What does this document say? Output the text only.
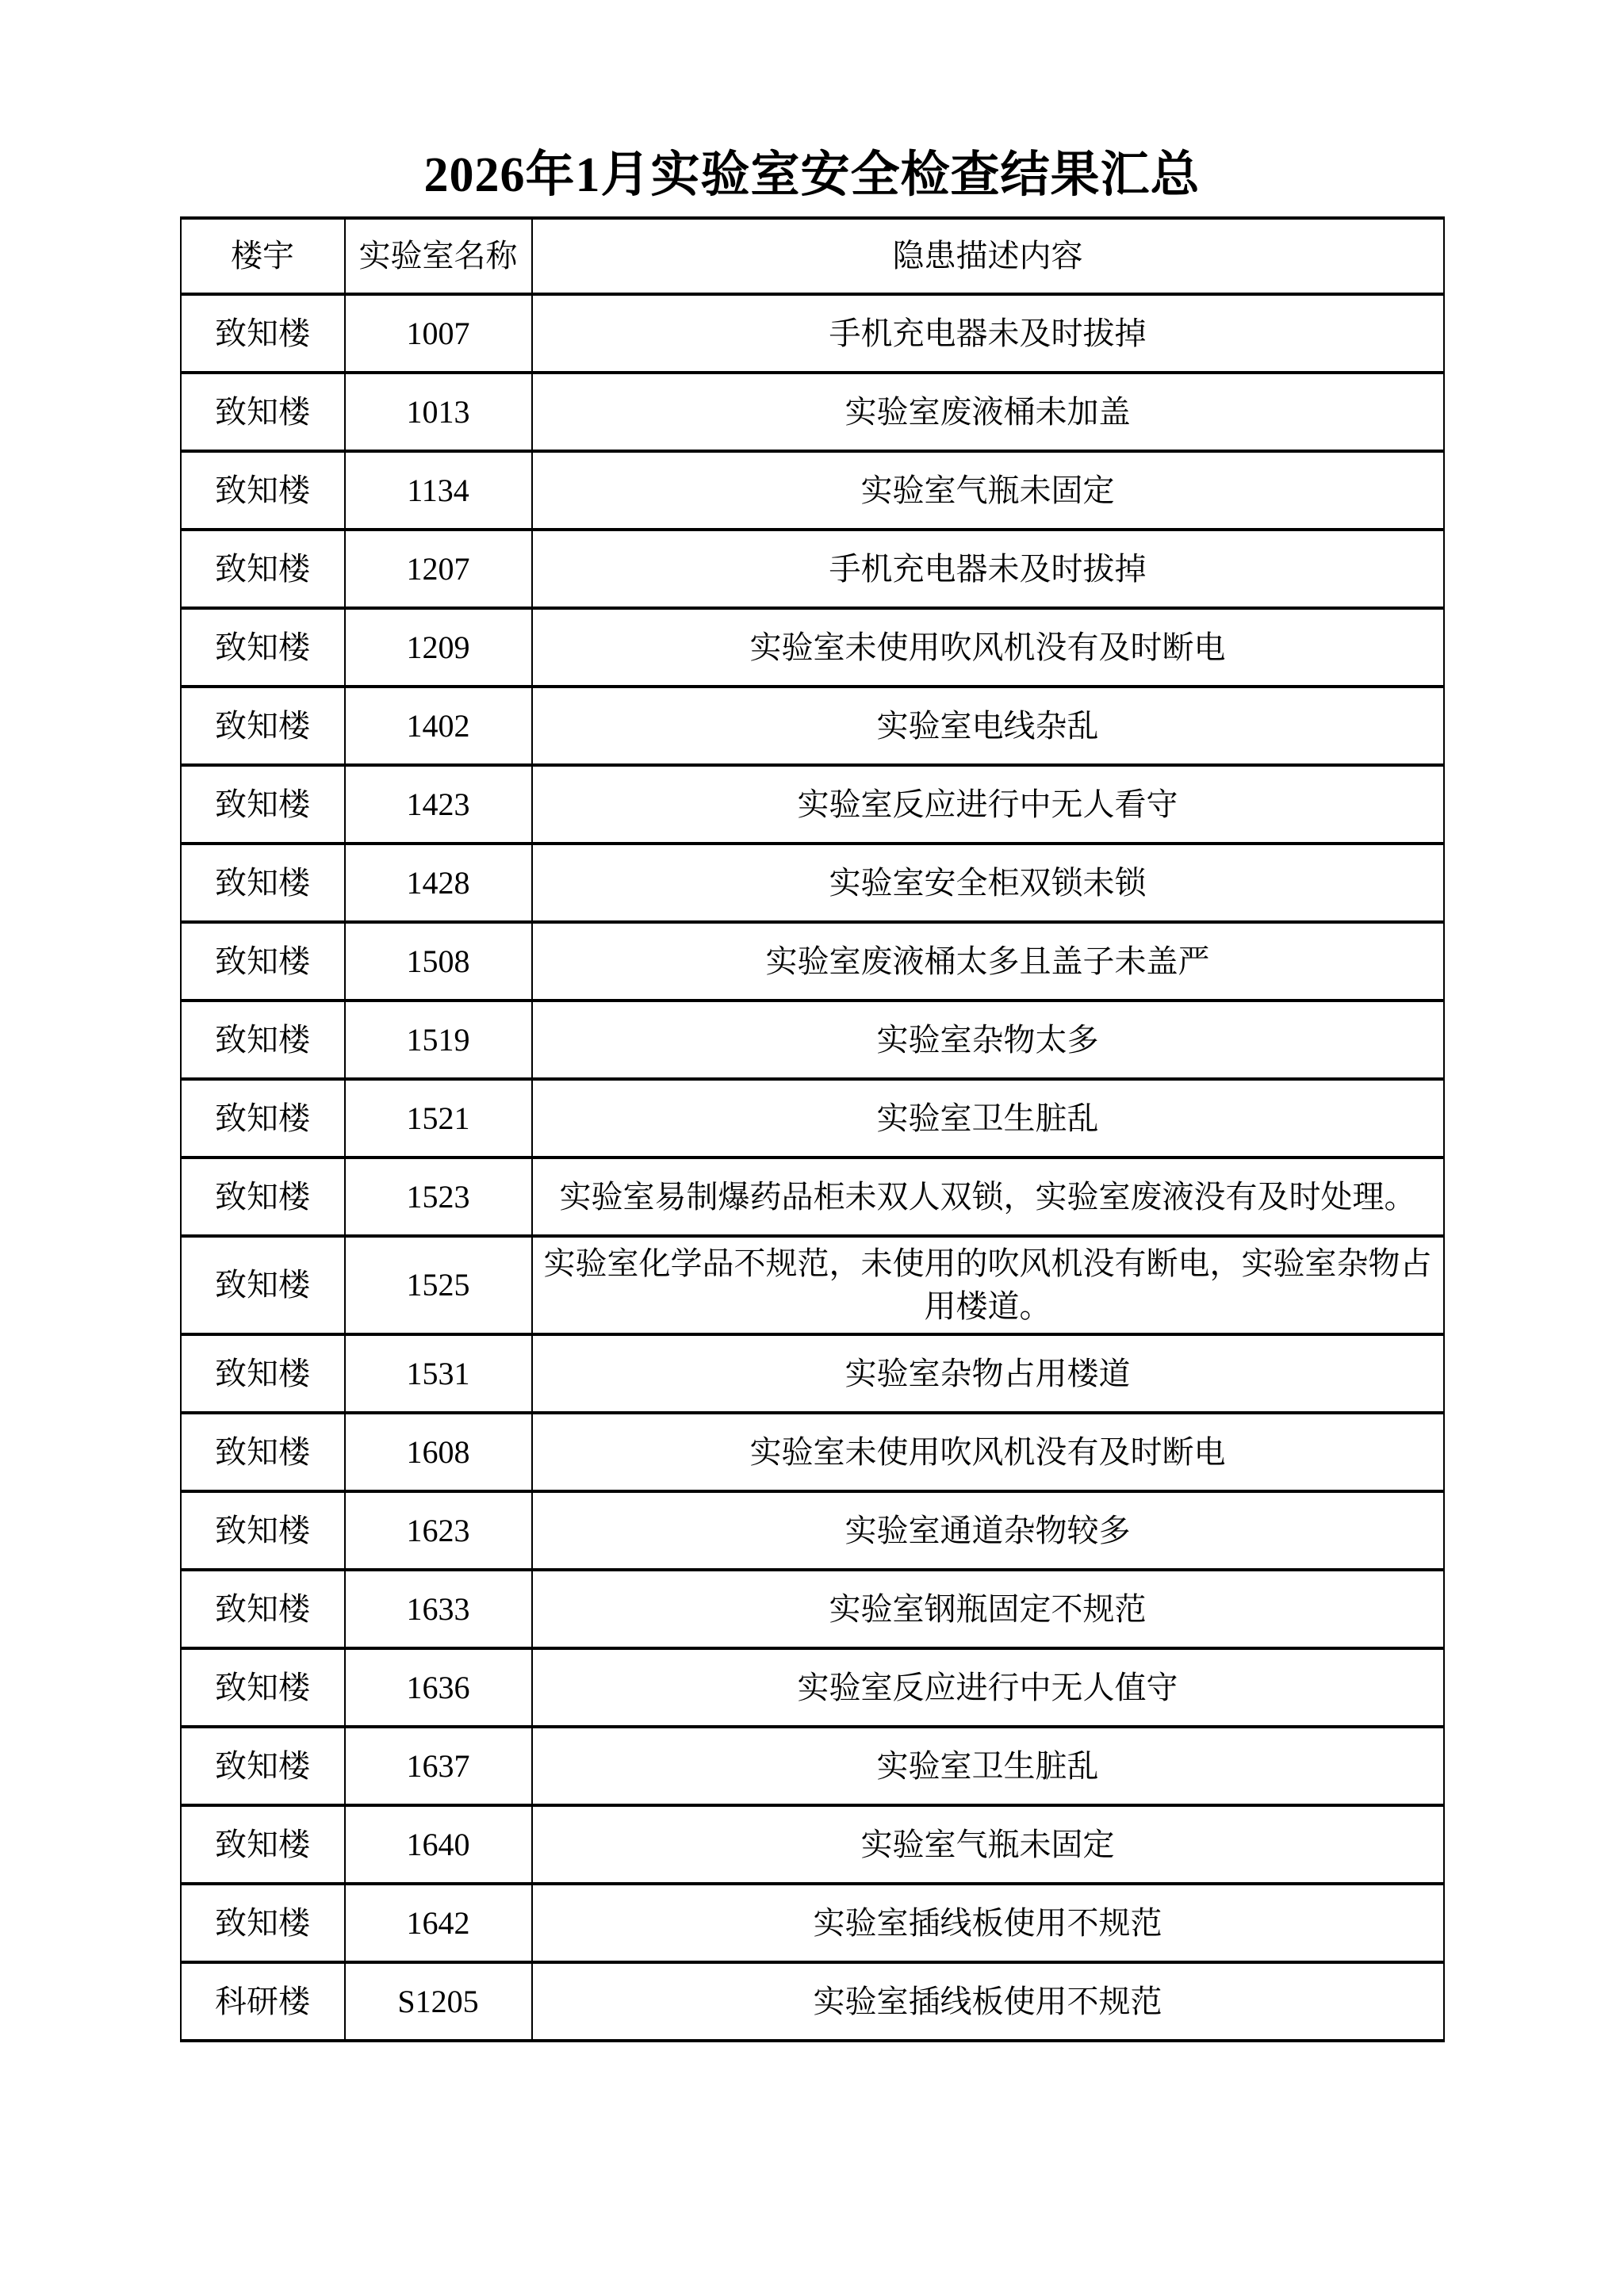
2026年1月实验室安全检查结果汇总
楼宇	实验室名称	隐患描述内容
致知楼	1007	手机充电器未及时拔掉
致知楼	1013	实验室废液桶未加盖
致知楼	1134	实验室气瓶未固定
致知楼	1207	手机充电器未及时拔掉
致知楼	1209	实验室未使用吹风机没有及时断电
致知楼	1402	实验室电线杂乱
致知楼	1423	实验室反应进行中无人看守
致知楼	1428	实验室安全柜双锁未锁
致知楼	1508	实验室废液桶太多且盖子未盖严
致知楼	1519	实验室杂物太多
致知楼	1521	实验室卫生脏乱
致知楼	1523	实验室易制爆药品柜未双人双锁，实验室废液没有及时处理。
致知楼	1525	实验室化学品不规范，未使用的吹风机没有断电，实验室杂物占用楼道。
致知楼	1531	实验室杂物占用楼道
致知楼	1608	实验室未使用吹风机没有及时断电
致知楼	1623	实验室通道杂物较多
致知楼	1633	实验室钢瓶固定不规范
致知楼	1636	实验室反应进行中无人值守
致知楼	1637	实验室卫生脏乱
致知楼	1640	实验室气瓶未固定
致知楼	1642	实验室插线板使用不规范
科研楼	S1205	实验室插线板使用不规范
